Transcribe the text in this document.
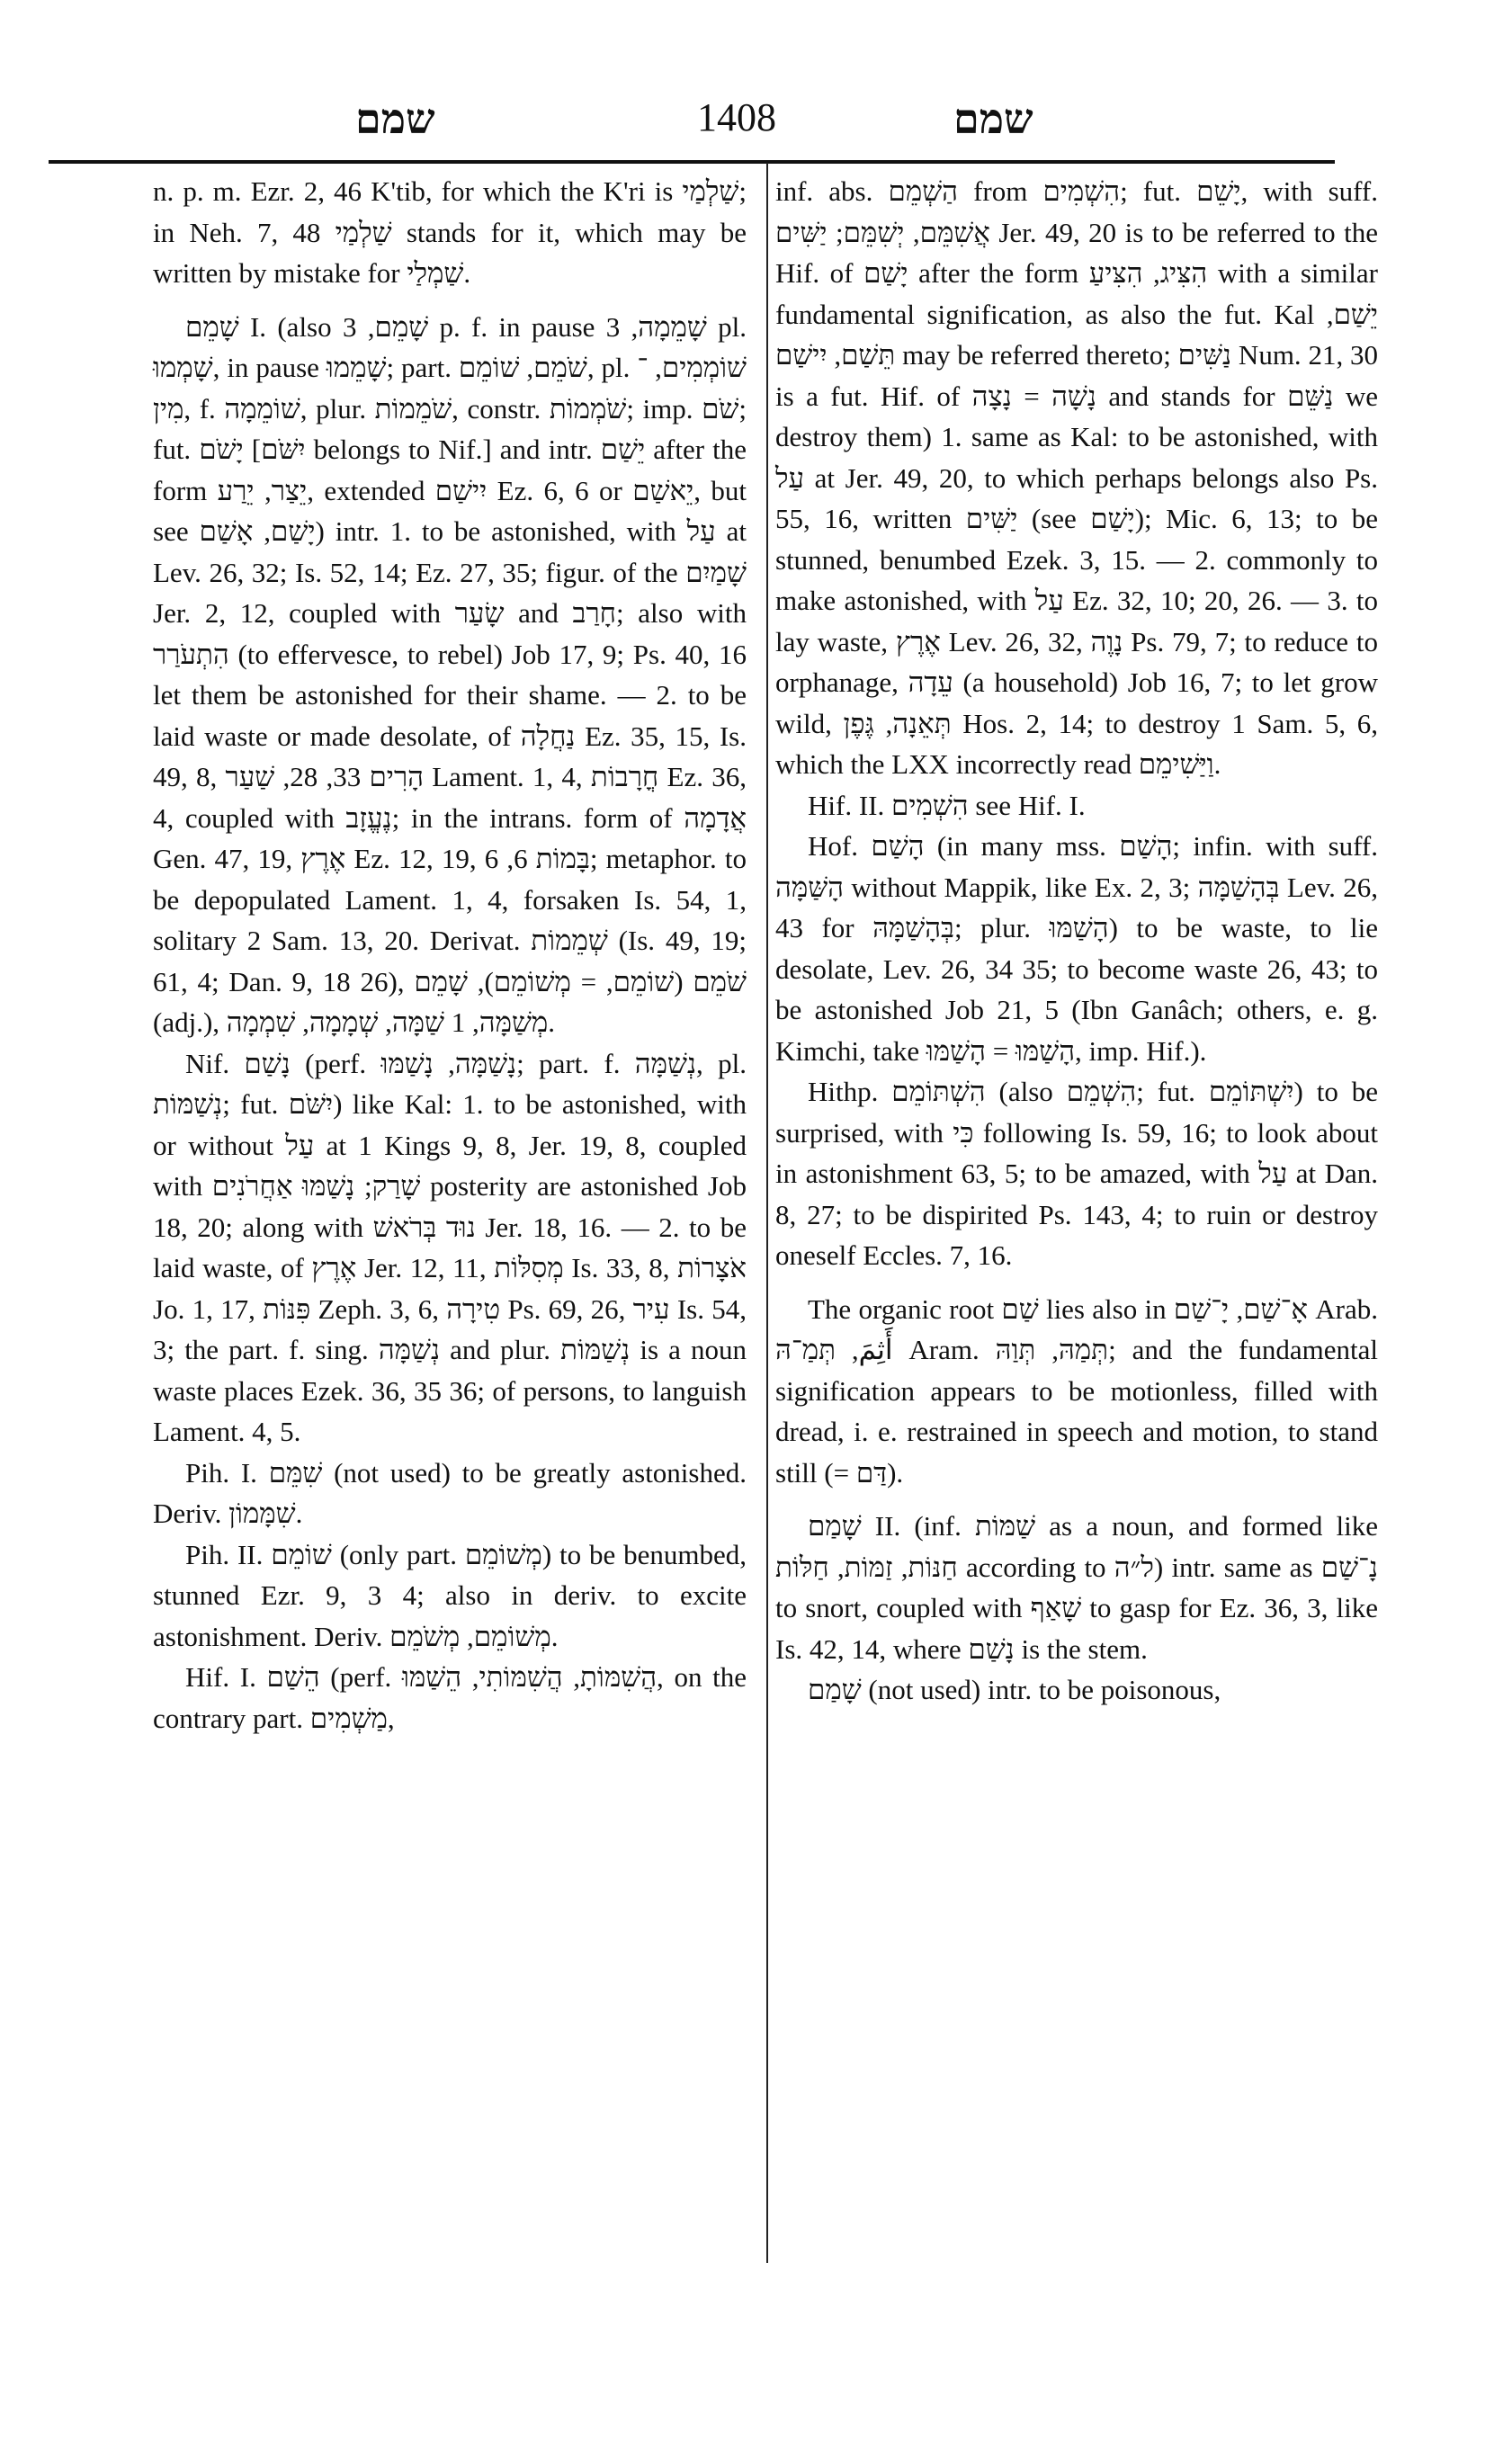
שמם	1408	שמם

n. p. m. Ezr. 2, 46 K'tib, for which the K'ri is שַׁלְמַי; in Neh. 7, 48 שַׁלְמַי stands for it, which may be written by mistake for שַׁמְלַי.

שָׁמֵם I. (also שָׁמֵם, 3 p. f. in pause שָׁמֵמָה, 3 pl. שָׁמְמוּ, in pause שָׁמֵמוּ; part. שֹׁמֵם, שׁוֹמֵם, pl. שׁוֹמְמִים, ־מִין, f. שׁוֹמֵמָה, plur. שֹׁמֵמוֹת, constr. שֹׁמְמוֹת; imp. שֹׁם; fut. יָשֹׁם [יִשֹּׁם belongs to Nif.] and intr. יֵשַׁם after the form יֵצַר, יֵרַע, extended יִישַׁם Ez. 6, 6 or יֵאשַׁם, but see יָשַׁם, אָשַׁם) intr. 1. to be astonished, with עַל at Lev. 26, 32; Is. 52, 14; Ez. 27, 35; figur. of the שָׁמַיִם Jer. 2, 12, coupled with שָׂעַר and חָרַב; also with הִתְעֹרַר (to effervesce, to rebel) Job 17, 9; Ps. 40, 16 let them be astonished for their shame. — 2. to be laid waste or made desolate, of נַחֲלָה Ez. 35, 15, Is. 49, 8, הָרִים 33, 28, שַׁעַר Lament. 1, 4, חֳרָבוֹת Ez. 36, 4, coupled with נֶעֱזָב; in the intrans. form of אֲדָמָה Gen. 47, 19, אֶרֶץ Ez. 12, 19, בָּמוֹת 6, 6; metaphor. to be depopulated Lament. 1, 4, forsaken Is. 54, 1, solitary 2 Sam. 13, 20. Derivat. שְׁמֵמוֹת (Is. 49, 19; 61, 4; Dan. 9, 18 26), שֹׁמֵם (שׁוֹמֵם, = מְשׁוֹמֵם), שָׁמֵם (adj.), מְשַׁמָּה, 1 שַׁמָּה, שְׁמָמָה, שִׁמְמָה.

Nif. נָשַׁם (perf. נָשַׁמָּה, נָשַׁמּוּ; part. f. נְשַׁמָּה, pl. נְשַׁמּוֹת; fut. יִשֹּׁם) like Kal: 1. to be astonished, with or without עַל at 1 Kings 9, 8, Jer. 19, 8, coupled with שָׁרַק; נָשַׁמּוּ אַחֲרֹנִים posterity are astonished Job 18, 20; along with נוּד בְּרֹאשׁ Jer. 18, 16. — 2. to be laid waste, of אֶרֶץ Jer. 12, 11, מְסִלּוֹת Is. 33, 8, אֹצָרוֹת Jo. 1, 17, פִּנּוֹת Zeph. 3, 6, טִירָה Ps. 69, 26, עִיר Is. 54, 3; the part. f. sing. נְשַׁמָּה and plur. נְשַׁמּוֹת is a noun waste places Ezek. 36, 35 36; of persons, to languish Lament. 4, 5.

Pih. I. שִׁמֵּם (not used) to be greatly astonished. Deriv. שִׁמָּמוֹן.

Pih. II. שׁוֹמֵם (only part. מְשׁוֹמֵם) to be benumbed, stunned Ezr. 9, 3 4; also in deriv. to excite astonishment. Deriv. מְשׁוֹמֵם, מְשֹׁמֵם.

Hif. I. הֵשַׁם (perf. הֲשִׁמּוֹתָ, הֲשִׁמּוֹתִי, הֵשַׁמּוּ, on the contrary part. מַשְׁמִים,

inf. abs. הַשְׁמֵם from הִשְׁמִים; fut. יָשֵׁם, with suff. אֲשִׁמֵּם, יְשִׁמֵּם; יַשִּׁים Jer. 49, 20 is to be referred to the Hif. of יָשַׁם after the form הִצִּיג, הִצִּיעַ with a similar fundamental signification, as also the fut. Kal יֵשַׁם, תֵּשַׁם, יִישַׁם may be referred thereto; נַשִּׁים Num. 21, 30 is a fut. Hif. of נָשָׁה = נָצָה and stands for נַשֵּׁם we destroy them) 1. same as Kal: to be astonished, with עַל at Jer. 49, 20, to which perhaps belongs also Ps. 55, 16, written יַשִּׁים (see יָשַׁם); Mic. 6, 13; to be stunned, benumbed Ezek. 3, 15. — 2. commonly to make astonished, with עַל Ez. 32, 10; 20, 26. — 3. to lay waste, אֶרֶץ Lev. 26, 32, נָוֶה Ps. 79, 7; to reduce to orphanage, עֵדָה (a household) Job 16, 7; to let grow wild, תְּאֵנָה, גֶּפֶן Hos. 2, 14; to destroy 1 Sam. 5, 6, which the LXX incorrectly read וַיַּשִׁימֵם.

Hif. II. הִשְׁמִים see Hif. I.

Hof. הָשַׁם (in many mss. הָשַׁם; infin. with suff. הָשַּׁמָּה without Mappik, like Ex. 2, 3; בְּהָשַׁמָּה Lev. 26, 43 for בְּהָשַׁמָּהּ; plur. הָשַׁמּוּ) to be waste, to lie desolate, Lev. 26, 34 35; to become waste 26, 43; to be astonished Job 21, 5 (Ibn Ganâch; others, e. g. Kimchi, take הָשַׁמּוּ = הָשַׁמּוּ, imp. Hif.).

Hithp. הִשְׁתּוֹמֵם (also הִשְׁמֵם; fut. יִשְׁתּוֹמֵם) to be surprised, with כִּי following Is. 59, 16; to look about in astonishment 63, 5; to be amazed, with עַל at Dan. 8, 27; to be dispirited Ps. 143, 4; to ruin or destroy oneself Eccles. 7, 16.

The organic root שַׁם lies also in אָ־שַׁם, יָ־שַׁם Arab. أَثِمَ, תְּמַ־הּ Aram. תְּמַהּ, תְּוַהּ; and the fundamental signification appears to be motionless, filled with dread, i. e. restrained in speech and motion, to stand still (= דַּם).

שָׁמַם II. (inf. שַׁמּוֹת as a noun, and formed like חַנּוֹת, זַמּוֹת, חַלּוֹת according to ל״ה) intr. same as נָ־שַׁם to snort, coupled with שָׁאַף to gasp for Ez. 36, 3, like Is. 42, 14, where נָשַׁם is the stem.

שָׁמַם (not used) intr. to be poisonous,
